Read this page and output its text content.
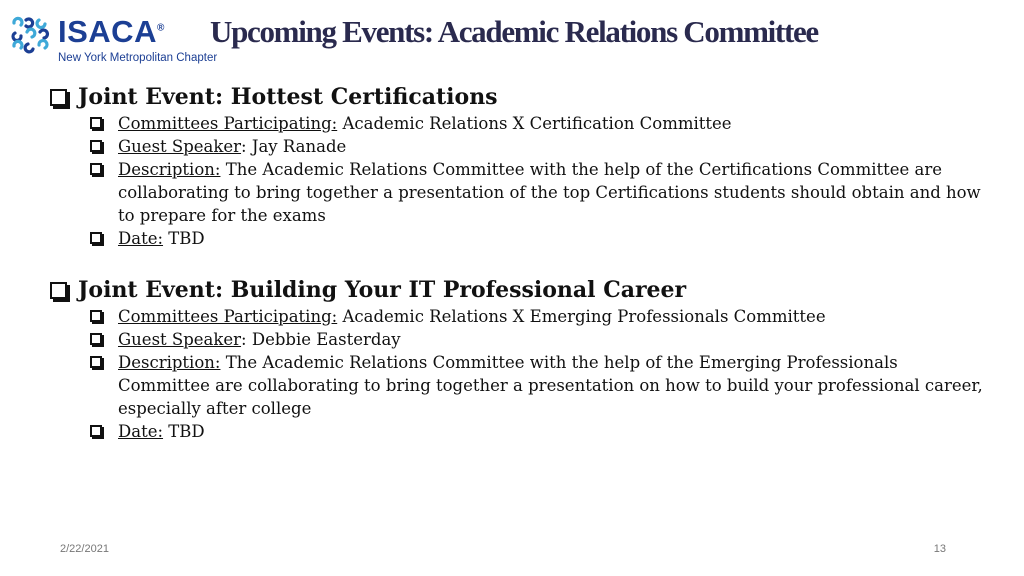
ISACA®
New York Metropolitan Chapter
Upcoming Events: Academic Relations Committee
Joint Event: Hottest Certifications
Committees Participating: Academic Relations X Certification Committee
Guest Speaker: Jay Ranade
Description: The Academic Relations Committee with the help of the Certifications Committee are collaborating to bring together a presentation of the top Certifications students should obtain and how to prepare for the exams
Date: TBD
Joint Event: Building Your IT Professional Career
Committees Participating: Academic Relations X Emerging Professionals Committee
Guest Speaker: Debbie Easterday
Description: The Academic Relations Committee with the help of the Emerging Professionals Committee are collaborating to bring together a presentation on how to build your professional career, especially after college
Date: TBD
2/22/2021	13
